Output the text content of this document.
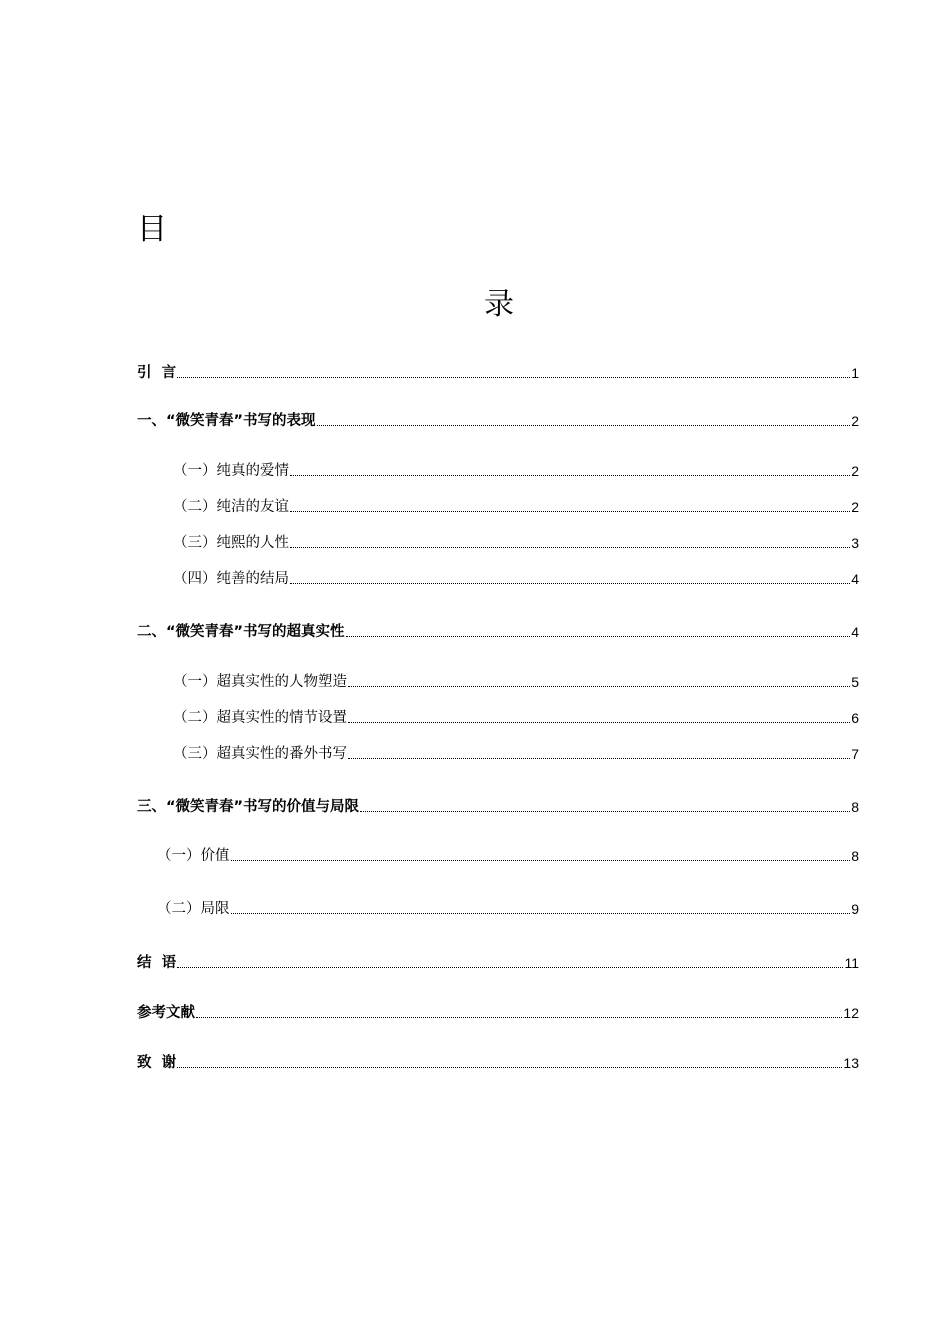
目
录
引  言	1
一、“微笑青春”书写的表现	2
（一）纯真的爱情	2
（二）纯洁的友谊	2
（三）纯熙的人性	3
（四）纯善的结局	4
二、“微笑青春”书写的超真实性	4
（一）超真实性的人物塑造	5
（二）超真实性的情节设置	6
（三）超真实性的番外书写	7
三、“微笑青春”书写的价值与局限	8
（一）价值	8
（二）局限	9
结  语	11
参考文献	12
致  谢	13
